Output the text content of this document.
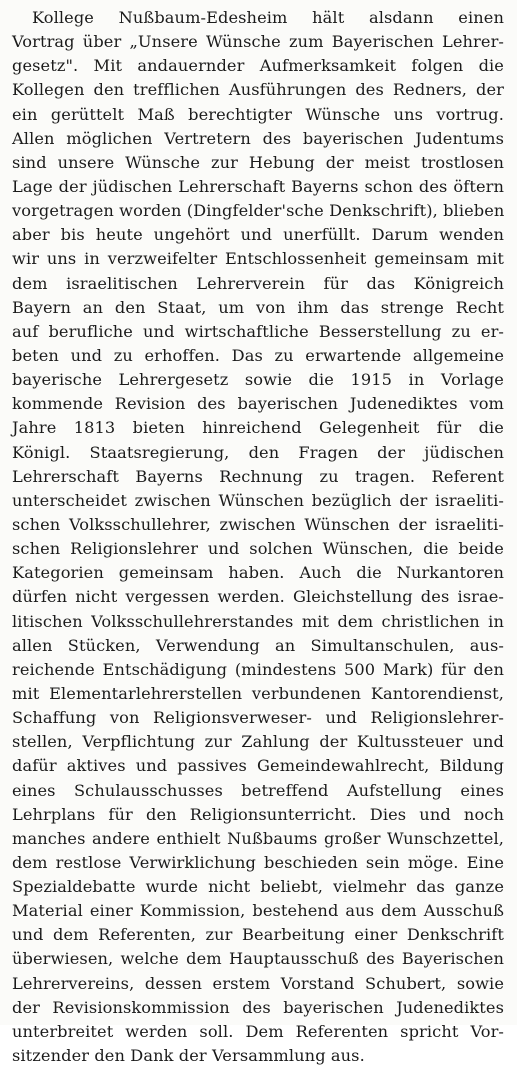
Kollege Nußbaum-Edesheim hält alsdann einen
Vortrag über „Unsere Wünsche zum Bayerischen Lehrer-
gesetz". Mit andauernder Aufmerksamkeit folgen die
Kollegen den trefflichen Ausführungen des Redners, der
ein gerüttelt Maß berechtigter Wünsche uns vortrug.
Allen möglichen Vertretern des bayerischen Judentums
sind unsere Wünsche zur Hebung der meist trostlosen
Lage der jüdischen Lehrerschaft Bayerns schon des öftern
vorgetragen worden (Dingfelder'sche Denkschrift), blieben
aber bis heute ungehört und unerfüllt. Darum wenden
wir uns in verzweifelter Entschlossenheit gemeinsam mit
dem israelitischen Lehrerverein für das Königreich
Bayern an den Staat, um von ihm das strenge Recht
auf berufliche und wirtschaftliche Besserstellung zu er-
beten und zu erhoffen. Das zu erwartende allgemeine
bayerische Lehrergesetz sowie die 1915 in Vorlage
kommende Revision des bayerischen Judenediktes vom
Jahre 1813 bieten hinreichend Gelegenheit für die
Königl. Staatsregierung, den Fragen der jüdischen
Lehrerschaft Bayerns Rechnung zu tragen. Referent
unterscheidet zwischen Wünschen bezüglich der israeliti-
schen Volksschullehrer, zwischen Wünschen der israeliti-
schen Religionslehrer und solchen Wünschen, die beide
Kategorien gemeinsam haben. Auch die Nurkantoren
dürfen nicht vergessen werden. Gleichstellung des israe-
litischen Volksschullehrerstandes mit dem christlichen in
allen Stücken, Verwendung an Simultanschulen, aus-
reichende Entschädigung (mindestens 500 Mark) für den
mit Elementarlehrerstellen verbundenen Kantorendienst,
Schaffung von Religionsverweser- und Religionslehrer-
stellen, Verpflichtung zur Zahlung der Kultussteuer und
dafür aktives und passives Gemeindewahlrecht, Bildung
eines Schulausschusses betreffend Aufstellung eines
Lehrplans für den Religionsunterricht. Dies und noch
manches andere enthielt Nußbaums großer Wunschzettel,
dem restlose Verwirklichung beschieden sein möge. Eine
Spezialdebatte wurde nicht beliebt, vielmehr das ganze
Material einer Kommission, bestehend aus dem Ausschuß
und dem Referenten, zur Bearbeitung einer Denkschrift
überwiesen, welche dem Hauptausschuß des Bayerischen
Lehrervereins, dessen erstem Vorstand Schubert, sowie
der Revisionskommission des bayerischen Judenediktes
unterbreitet werden soll. Dem Referenten spricht Vor-
sitzender den Dank der Versammlung aus.
